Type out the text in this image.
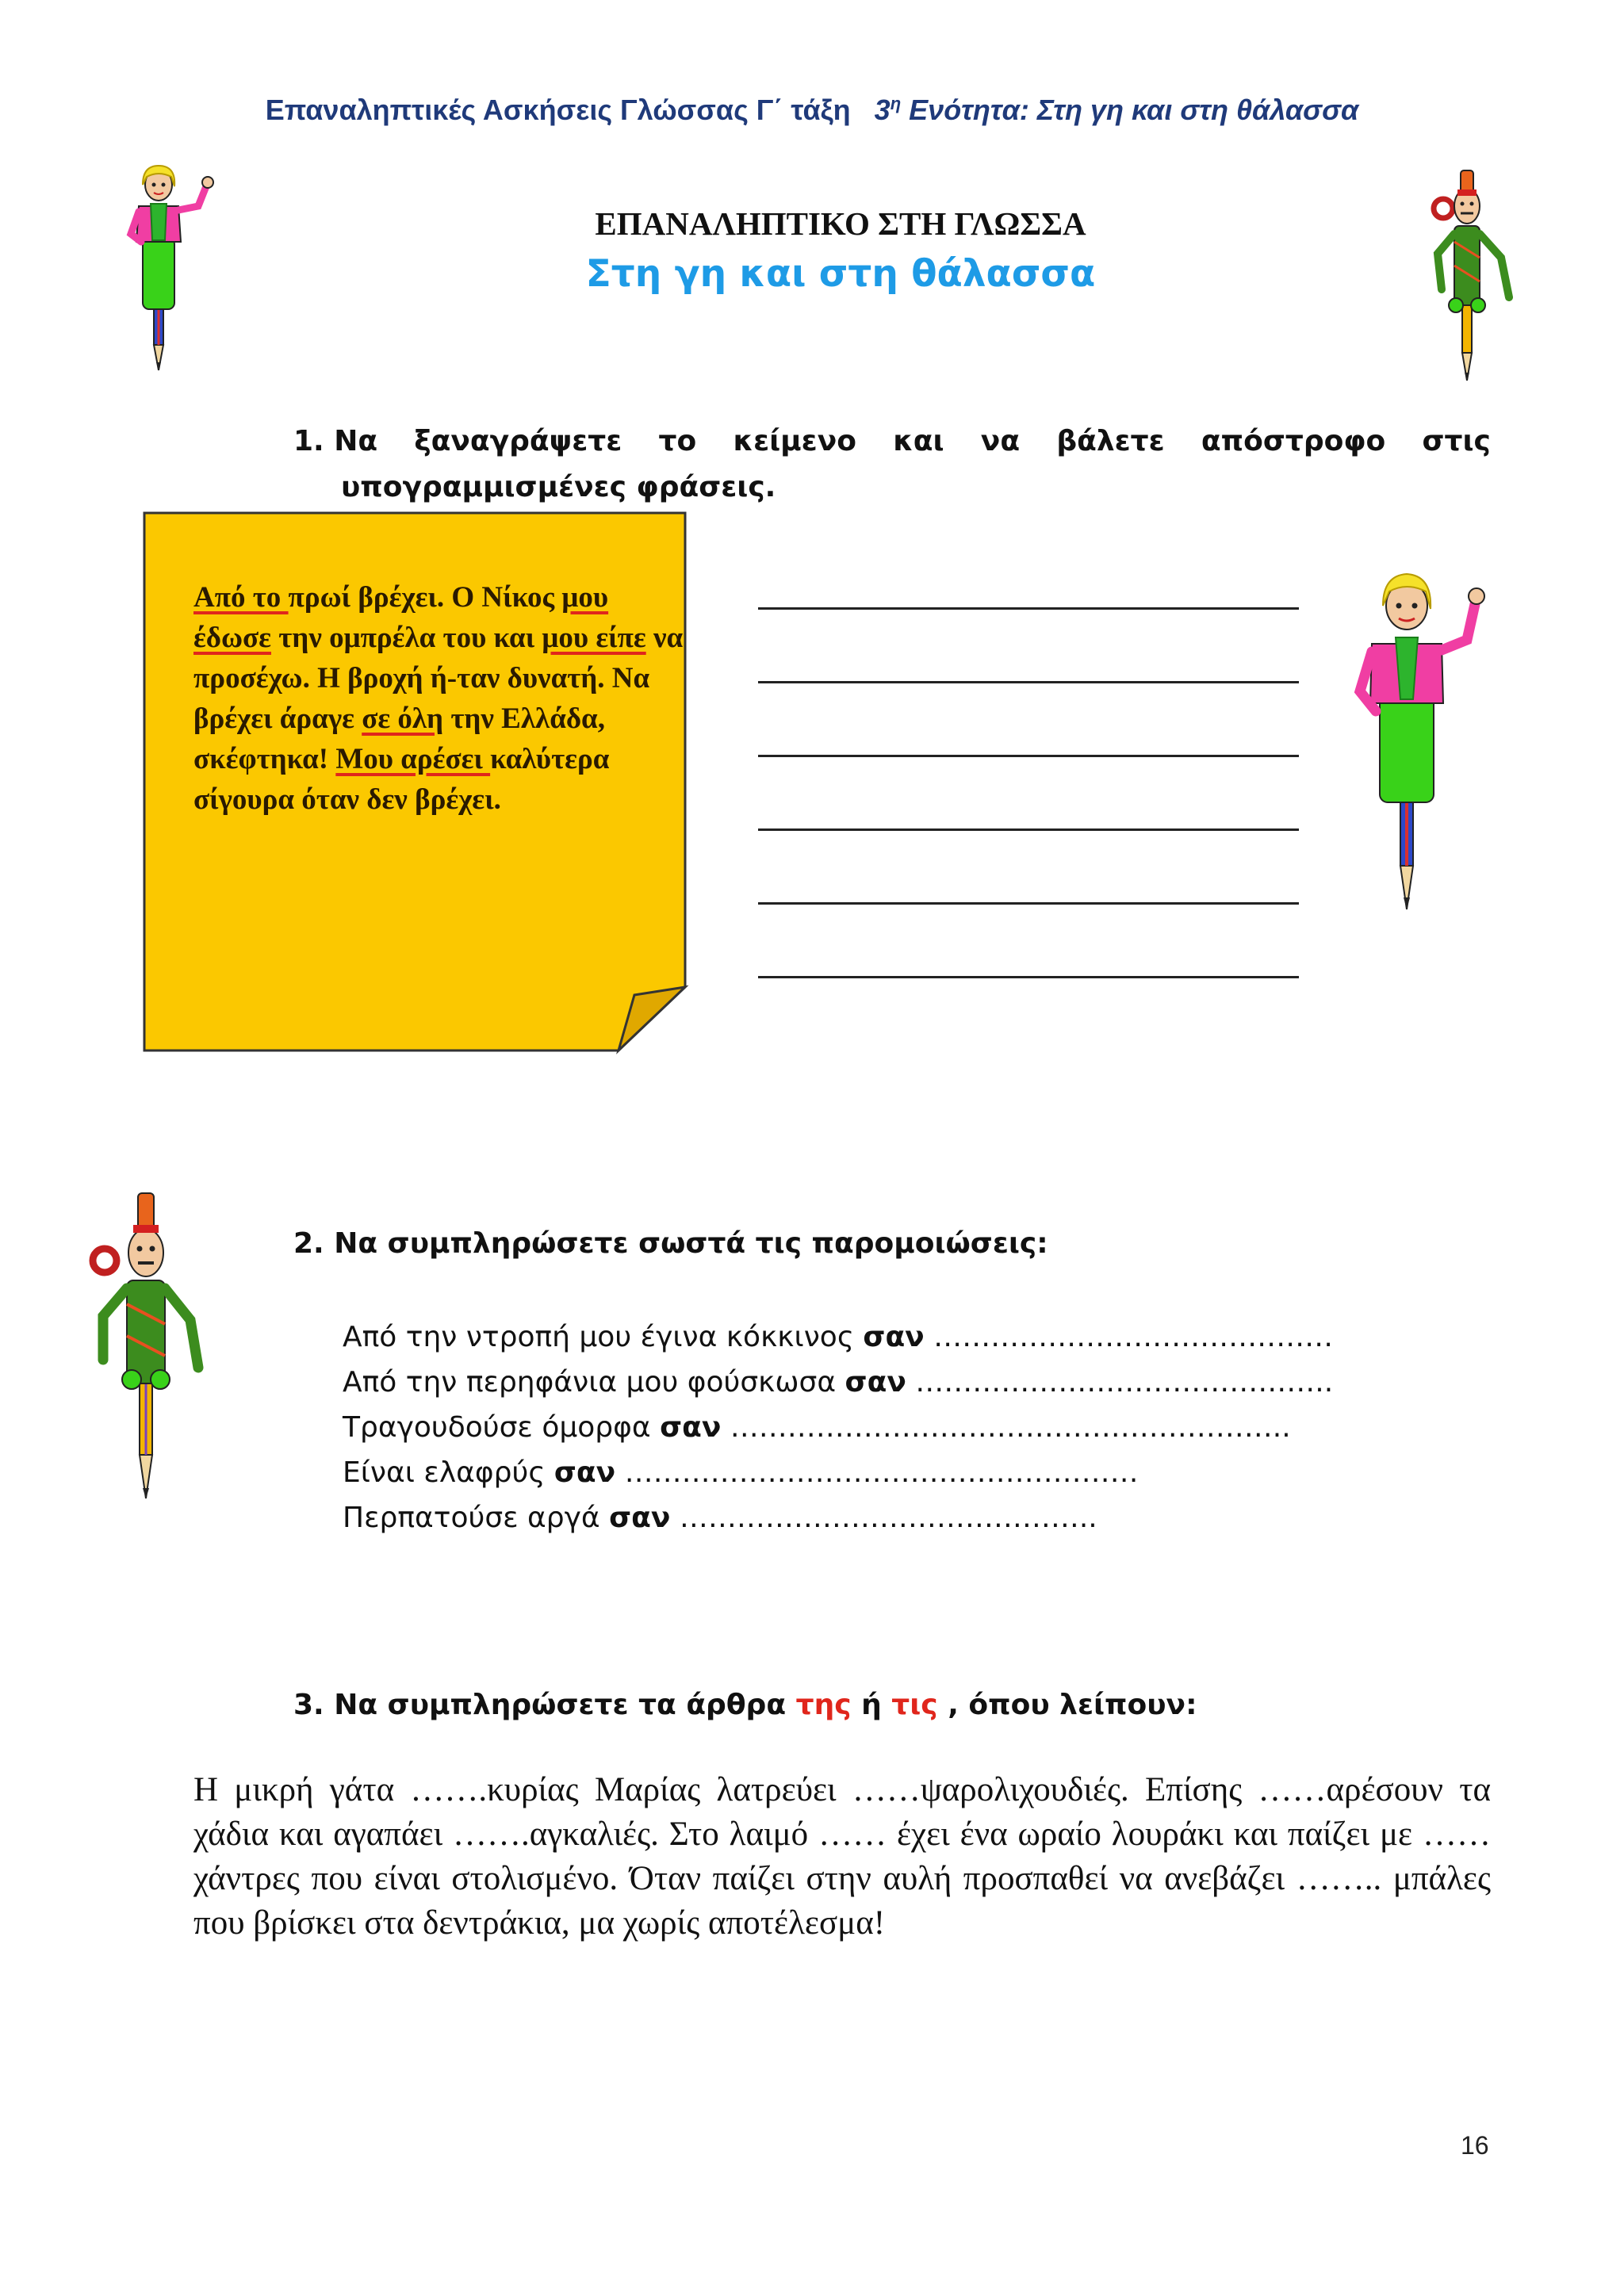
Επαναληπτικές Ασκήσεις Γλώσσας Γ΄ τάξη $3^\eta$ Ενότητα: Στη γη και στη θάλασσα
ΕΠΑΝΑΛΗΠΤΙΚΟ ΣΤΗ ΓΛΩΣΣΑ
Στη γη και στη θάλασσα
1. Να ξαναγράψετε το κείμενο και να βάλετε απόστροφο στις
υπογραμμισμένες φράσεις.
Από το πρωί βρέχει. Ο Νίκος μου έδωσε την ομπρέλα του και μου είπε να προσέχω. Η βροχή ή-ταν δυνατή. Να βρέχει άραγε σε όλη την Ελλάδα, σκέφτηκα! Μου αρέσει καλύτερα σίγουρα όταν δεν βρέχει.
2. Να συμπληρώσετε σωστά τις παρομοιώσεις:
Από την ντροπή μου έγινα κόκκινος σαν ……………………………………
Από την περηφάνια μου φούσκωσα σαν ……………………………………..
Τραγουδούσε όμορφα σαν …………………………………………………..
Είναι ελαφρύς σαν ………………………………………………
Περπατούσε αργά σαν ……………………………………..
3. Να συμπληρώσετε τα άρθρα της ή τις , όπου λείπουν:
Η μικρή γάτα …….κυρίας Μαρίας λατρεύει ……ψαρολιχουδιές. Επίσης ……αρέσουν τα χάδια και αγαπάει …….αγκαλιές. Στο λαιμό …… έχει ένα ωραίο λουράκι και παίζει με …… χάντρες που είναι στολισμένο. Όταν παίζει στην αυλή προσπαθεί να ανεβάζει …….. μπάλες που βρίσκει στα δεντράκια, μα χωρίς αποτέλεσμα!
16
